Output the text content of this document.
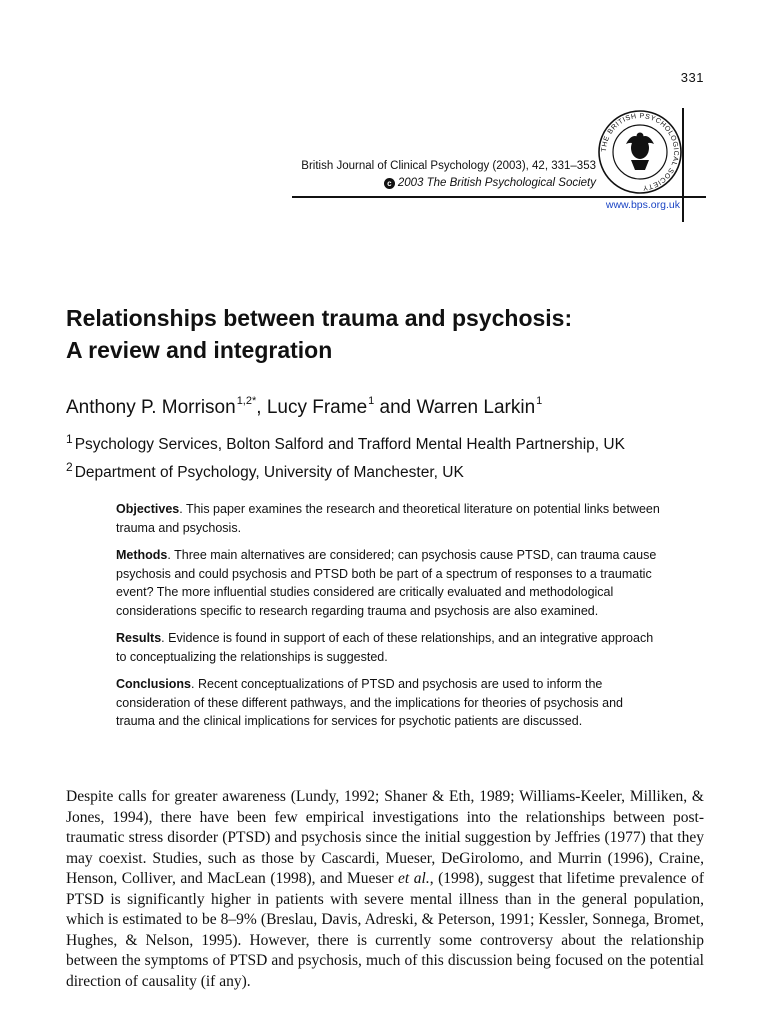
331
British Journal of Clinical Psychology (2003), 42, 331–353
c 2003 The British Psychological Society
THE BRITISH PSYCHOLOGICAL SOCIETY
www.bps.org.uk
Relationships between trauma and psychosis:
A review and integration
Anthony P. Morrison$^{1,2*}$, Lucy Frame$^1$ and Warren Larkin$^1$
$^1$ Psychology Services, Bolton Salford and Trafford Mental Health Partnership, UK
$^2$ Department of Psychology, University of Manchester, UK

Objectives. This paper examines the research and theoretical literature on potential links between trauma and psychosis.

Methods. Three main alternatives are considered; can psychosis cause PTSD, can trauma cause psychosis and could psychosis and PTSD both be part of a spectrum of responses to a traumatic event? The more influential studies considered are critically evaluated and methodological considerations specific to research regarding trauma and psychosis are also examined.

Results. Evidence is found in support of each of these relationships, and an integrative approach to conceptualizing the relationships is suggested.

Conclusions. Recent conceptualizations of PTSD and psychosis are used to inform the consideration of these different pathways, and the implications for theories of psychosis and trauma and the clinical implications for services for psychotic patients are discussed.

Despite calls for greater awareness (Lundy, 1992; Shaner & Eth, 1989; Williams-Keeler, Milliken, & Jones, 1994), there have been few empirical investigations into the relationships between post-traumatic stress disorder (PTSD) and psychosis since the initial suggestion by Jeffries (1977) that they may coexist. Studies, such as those by Cascardi, Mueser, DeGirolomo, and Murrin (1996), Craine, Henson, Colliver, and MacLean (1998), and Mueser et al., (1998), suggest that lifetime prevalence of PTSD is significantly higher in patients with severe mental illness than in the general population, which is estimated to be 8–9% (Breslau, Davis, Adreski, & Peterson, 1991; Kessler, Sonnega, Bromet, Hughes, & Nelson, 1995). However, there is currently some controversy about the relationship between the symptoms of PTSD and psychosis, much of this discussion being focused on the potential direction of causality (if any).
